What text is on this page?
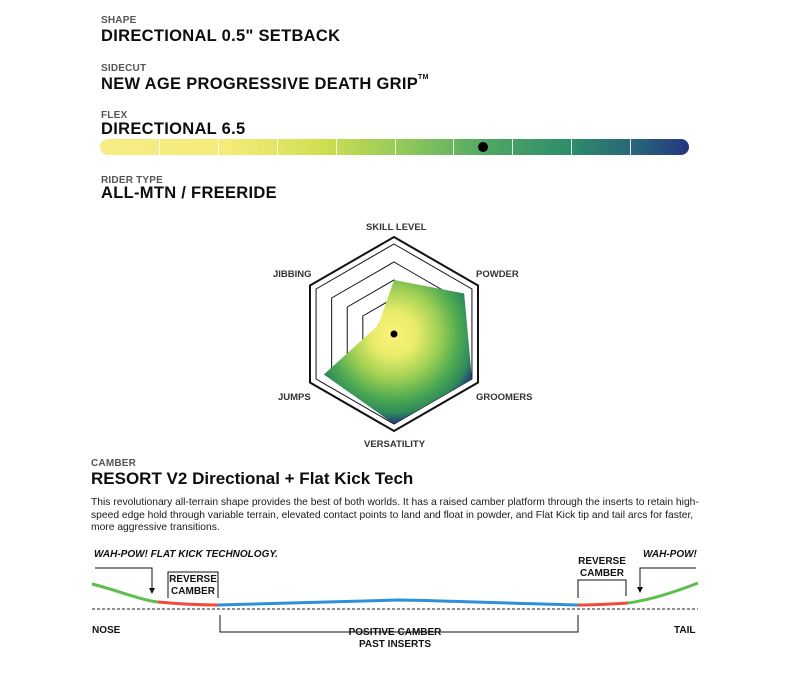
SHAPE
DIRECTIONAL 0.5" SETBACK
SIDECUT
NEW AGE PROGRESSIVE DEATH GRIP™
FLEX
DIRECTIONAL 6.5
RIDER TYPE
ALL-MTN / FREERIDE
SKILL LEVEL
POWDER
GROOMERS
VERSATILITY
JUMPS
JIBBING
CAMBER
RESORT V2 Directional + Flat Kick Tech
This revolutionary all-terrain shape provides the best of both worlds. It has a raised camber platform through the inserts to retain high-speed edge hold through variable terrain, elevated contact points to land and float in powder, and Flat Kick tip and tail arcs for faster, more aggressive transitions.
WAH-POW! FLAT KICK TECHNOLOGY.
REVERSE
CAMBER
REVERSE
CAMBER
WAH-POW!
NOSE	TAIL
POSITIVE CAMBER
PAST INSERTS
